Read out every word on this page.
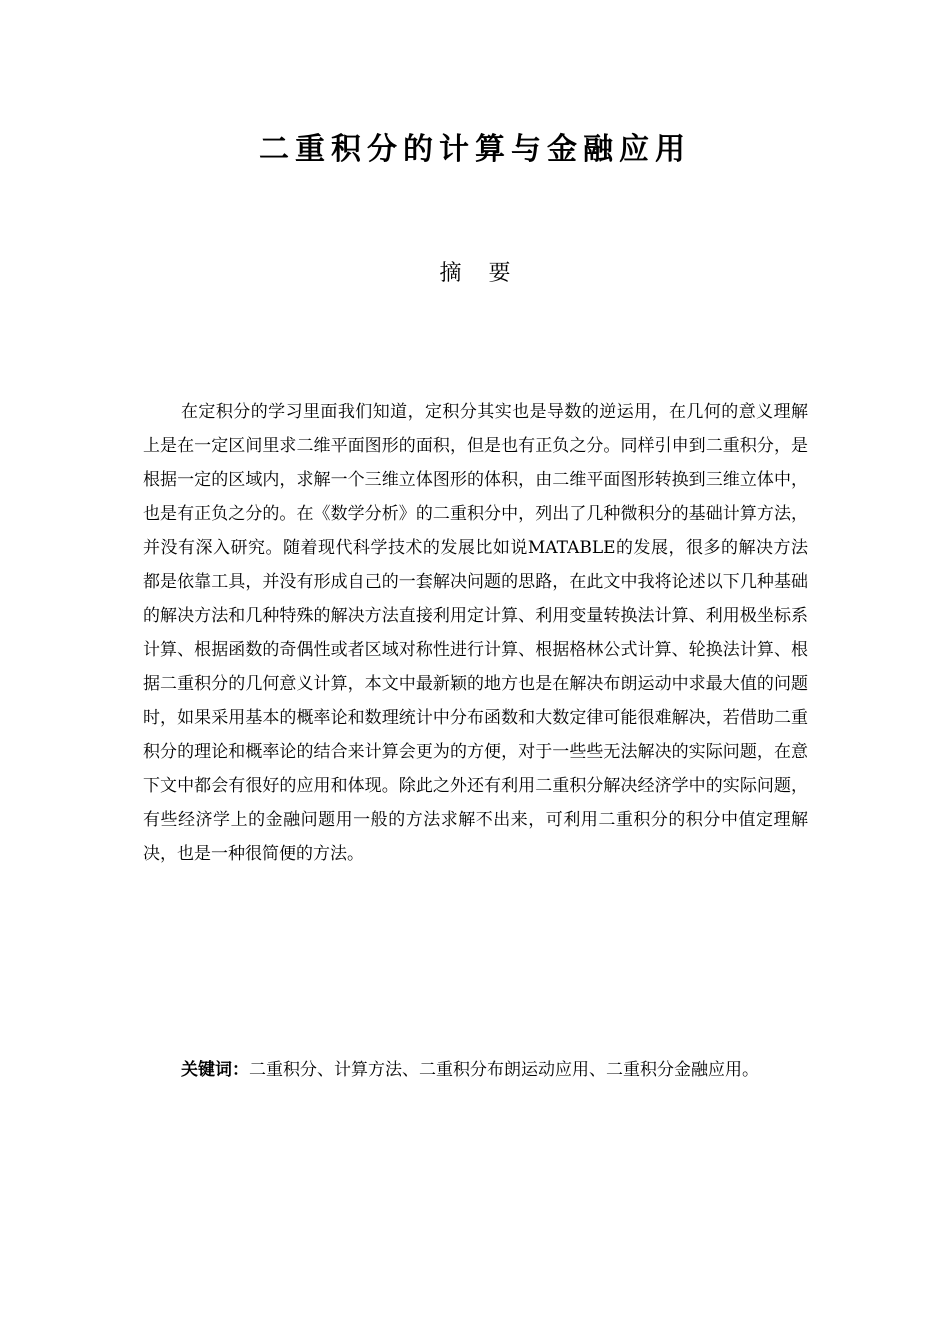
二重积分的计算与金融应用
摘 要

在定积分的学习里面我们知道，定积分其实也是导数的逆运用，在几何的意义理解上是在一定区间里求二维平面图形的面积，但是也有正负之分。同样引申到二重积分，是根据一定的区域内，求解一个三维立体图形的体积，由二维平面图形转换到三维立体中，也是有正负之分的。在《数学分析》的二重积分中，列出了几种微积分的基础计算方法，并没有深入研究。随着现代科学技术的发展比如说MATABLE的发展，很多的解决方法都是依靠工具，并没有形成自己的一套解决问题的思路，在此文中我将论述以下几种基础的解决方法和几种特殊的解决方法直接利用定计算、利用变量转换法计算、利用极坐标系计算、根据函数的奇偶性或者区域对称性进行计算、根据格林公式计算、轮换法计算、根据二重积分的几何意义计算，本文中最新颖的地方也是在解决布朗运动中求最大值的问题时，如果采用基本的概率论和数理统计中分布函数和大数定律可能很难解决，若借助二重积分的理论和概率论的结合来计算会更为的方便，对于一些些无法解决的实际问题，在意下文中都会有很好的应用和体现。除此之外还有利用二重积分解决经济学中的实际问题，有些经济学上的金融问题用一般的方法求解不出来，可利用二重积分的积分中值定理解决，也是一种很简便的方法。

关键词：二重积分、计算方法、二重积分布朗运动应用、二重积分金融应用。
